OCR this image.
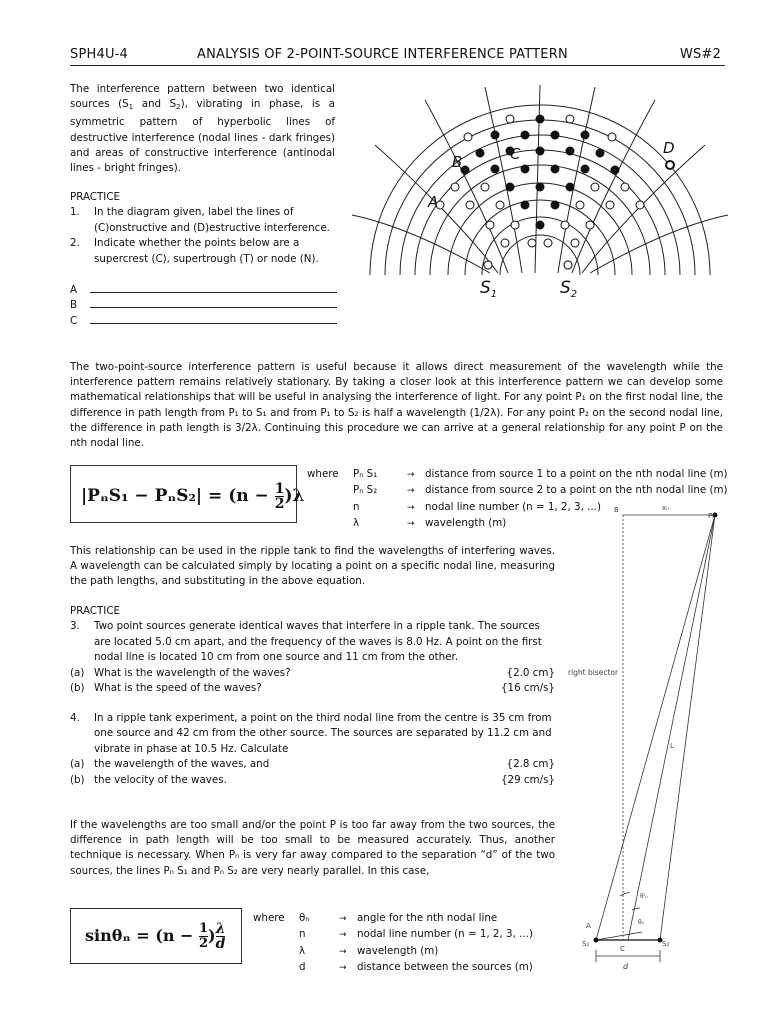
SPH4U-4	ANALYSIS OF 2-POINT-SOURCE INTERFERENCE PATTERN	WS#2
The interference pattern between two identical sources ($S_1$ and $S_2$), vibrating in phase, is a symmetric pattern of hyperbolic lines of destructive interference (nodal lines - dark fringes) and areas of constructive interference (antinodal lines - bright fringes).
PRACTICE
1. In the diagram given, label the lines of
(C)onstructive and (D)estructive interference.
2. Indicate whether the points below are a
supercrest (C), supertrough (T) or node (N).
A
B
C
B	C	D
A
$S_1$	$S_2$
The two-point-source interference pattern is useful because it allows direct measurement of the wavelength while the interference pattern remains relatively stationary. By taking a closer look at this interference pattern we can develop some mathematical relationships that will be useful in analysing the interference of light. For any point P₁ on the first nodal line, the difference in path length from P₁ to S₁ and from P₁ to S₂ is half a wavelength (1/2λ). For any point P₂ on the second nodal line, the difference in path length is 3/2λ. Continuing this procedure we can arrive at a general relationship for any point P on the nth nodal line.
$|P_nS_1 - P_nS_2| = (n - \frac{1}{2} )\lambda$
where Pₙ S₁	→ distance from source 1 to a point on the nth nodal line (m)
Pₙ S₂	→ distance from source 2 to a point on the nth nodal line (m)
n	→ nodal line number (n = 1, 2, 3, ...)
λ	→ wavelength (m)
This relationship can be used in the ripple tank to find the wavelengths of interfering waves. A wavelength can be calculated simply by locating a point on a specific nodal line, measuring the path lengths, and substituting in the above equation.
PRACTICE
3. Two point sources generate identical waves that interfere in a ripple tank. The sources
are located 5.0 cm apart, and the frequency of the waves is 8.0 Hz. A point on the first
nodal line is located 10 cm from one source and 11 cm from the other.
(a) What is the wavelength of the waves?	{2.0 cm}
(b) What is the speed of the waves?	{16 cm/s}
4. In a ripple tank experiment, a point on the third nodal line from the centre is 35 cm from
one source and 42 cm from the other source. The sources are separated by 11.2 cm and
vibrate in phase at 10.5 Hz. Calculate
(a) the wavelength of the waves, and	{2.8 cm}
(b) the velocity of the waves.	{29 cm/s}
If the wavelengths are too small and/or the point P is too far away from the two sources, the difference in path length will be too small to be measured accurately. Thus, another technique is necessary. When Pₙ is very far away compared to the separation “d” of the two sources, the lines Pₙ S₁ and Pₙ S₂ are very nearly parallel. In this case,
$\sin\theta_n = (n - \frac{1}{2}$ ) $\frac{\lambda}{d}$
where θₙ	→ angle for the nth nodal line
n	→ nodal line number (n = 1, 2, 3, ...)
λ	→ wavelength (m)
d	→ distance between the sources (m)
B	xₙ
Pₙ
right bisector
L
θ'ₙ
θₙ
A
C
S₁	S₂
d
